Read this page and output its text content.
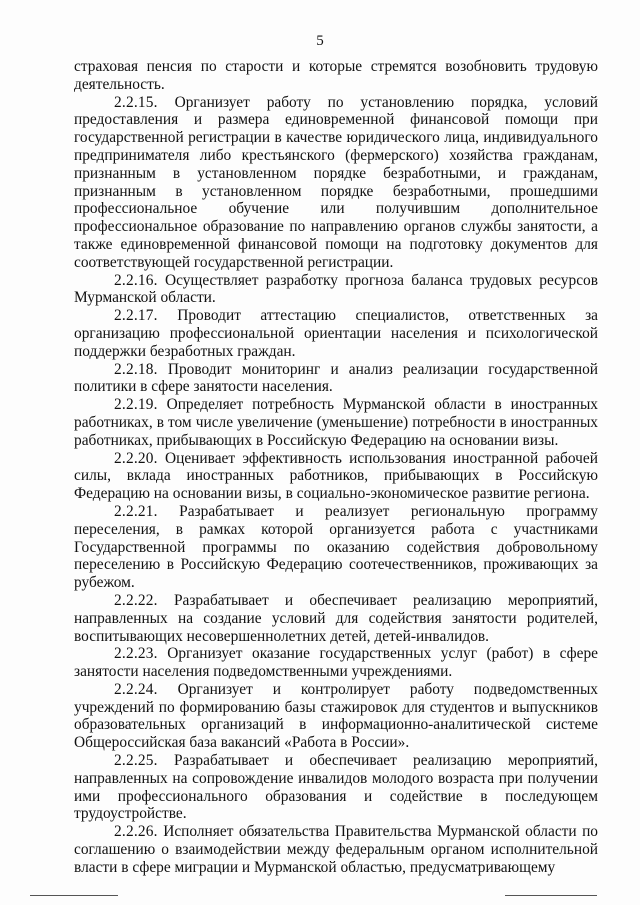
5

страховая пенсия по старости и которые стремятся возобновить трудовую деятельность.

2.2.15. Организует работу по установлению порядка, условий предоставления и размера единовременной финансовой помощи при государственной регистрации в качестве юридического лица, индивидуального предпринимателя либо крестьянского (фермерского) хозяйства гражданам, признанным в установленном порядке безработными, и гражданам, признанным в установленном порядке безработными, прошедшими профессиональное обучение или получившим дополнительное профессиональное образование по направлению органов службы занятости, а также единовременной финансовой помощи на подготовку документов для соответствующей государственной регистрации.

2.2.16. Осуществляет разработку прогноза баланса трудовых ресурсов Мурманской области.

2.2.17. Проводит аттестацию специалистов, ответственных за организацию профессиональной ориентации населения и психологической поддержки безработных граждан.

2.2.18. Проводит мониторинг и анализ реализации государственной политики в сфере занятости населения.

2.2.19. Определяет потребность Мурманской области в иностранных работниках, в том числе увеличение (уменьшение) потребности в иностранных работниках, прибывающих в Российскую Федерацию на основании визы.

2.2.20. Оценивает эффективность использования иностранной рабочей силы, вклада иностранных работников, прибывающих в Российскую Федерацию на основании визы, в социально-экономическое развитие региона.

2.2.21. Разрабатывает и реализует региональную программу переселения, в рамках которой организуется работа с участниками Государственной программы по оказанию содействия добровольному переселению в Российскую Федерацию соотечественников, проживающих за рубежом.

2.2.22. Разрабатывает и обеспечивает реализацию мероприятий, направленных на создание условий для содействия занятости родителей, воспитывающих несовершеннолетних детей, детей-инвалидов.

2.2.23. Организует оказание государственных услуг (работ) в сфере занятости населения подведомственными учреждениями.

2.2.24. Организует и контролирует работу подведомственных учреждений по формированию базы стажировок для студентов и выпускников образовательных организаций в информационно-аналитической системе Общероссийская база вакансий «Работа в России».

2.2.25. Разрабатывает и обеспечивает реализацию мероприятий, направленных на сопровождение инвалидов молодого возраста при получении ими профессионального образования и содействие в последующем трудоустройстве.

2.2.26. Исполняет обязательства Правительства Мурманской области по соглашению о взаимодействии между федеральным органом исполнительной власти в сфере миграции и Мурманской областью, предусматривающему
